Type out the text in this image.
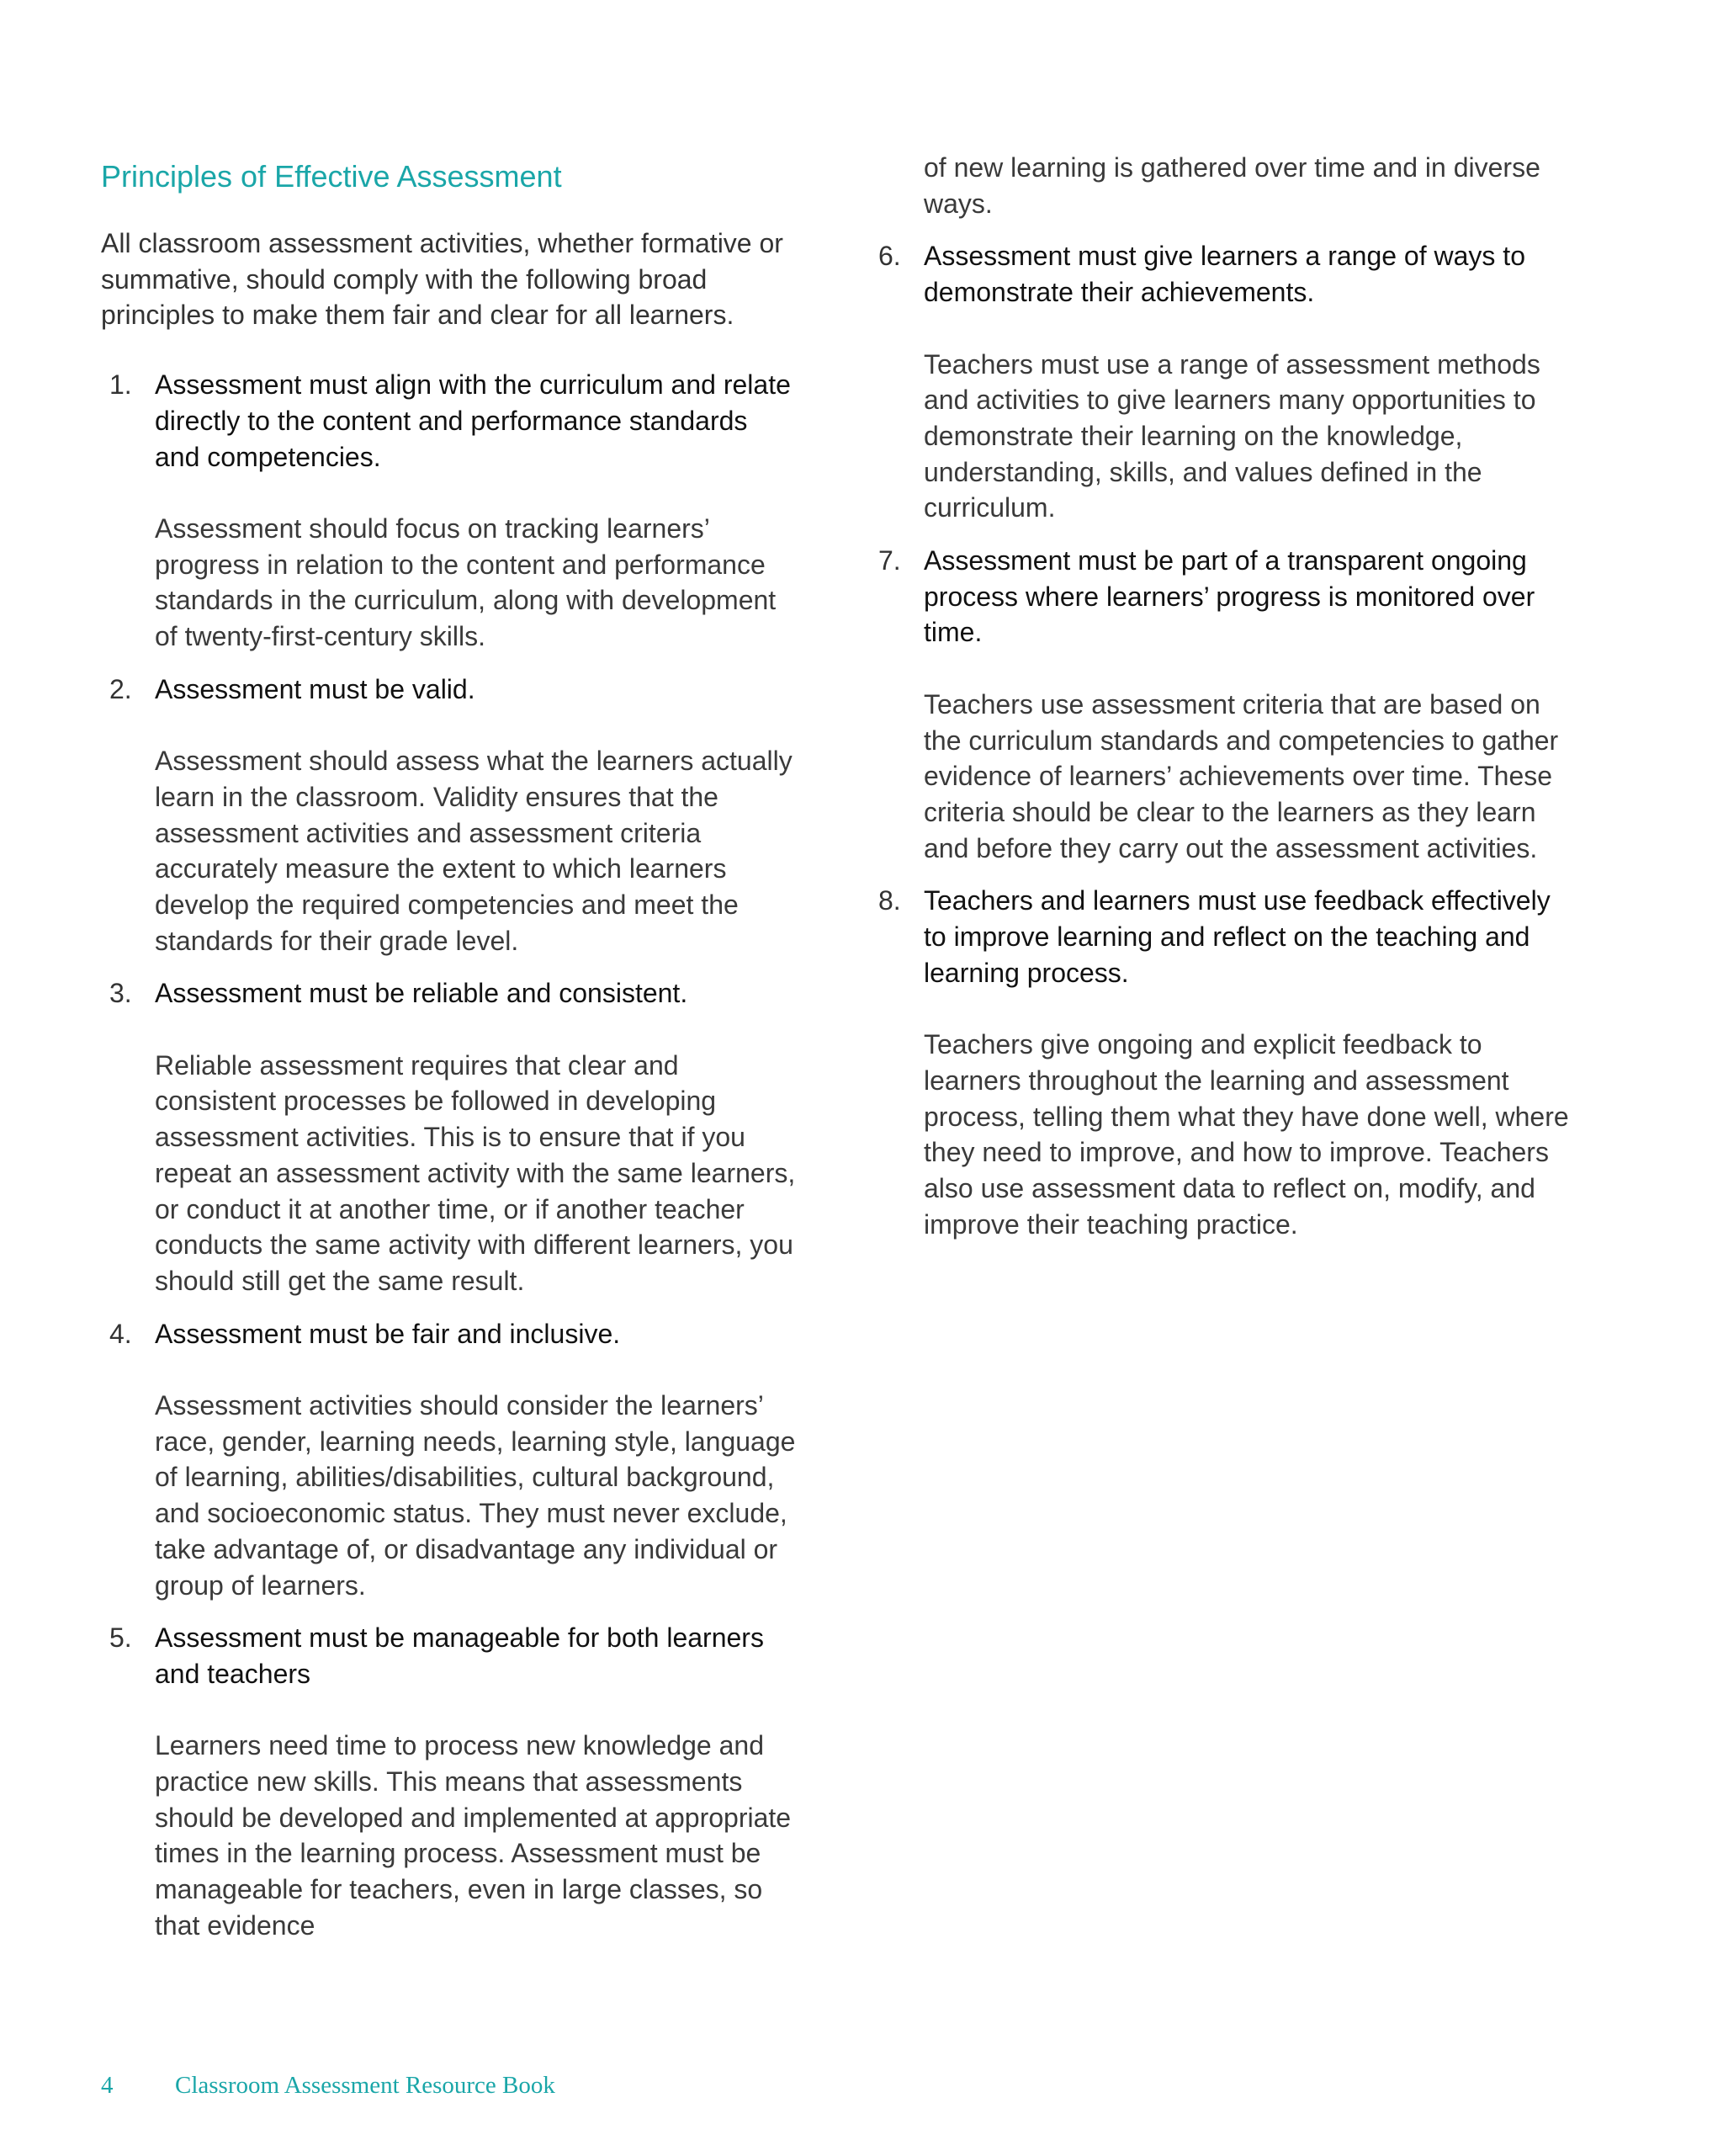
Principles of Effective Assessment

All classroom assessment activities, whether formative or summative, should comply with the following broad principles to make them fair and clear for all learners.

1. Assessment must align with the curriculum and relate directly to the content and performance standards and competencies.

Assessment should focus on tracking learners’ progress in relation to the content and performance standards in the curriculum, along with development of twenty-first-century skills.

2. Assessment must be valid.

Assessment should assess what the learners actually learn in the classroom. Validity ensures that the assessment activities and assessment criteria accurately measure the extent to which learners develop the required competencies and meet the standards for their grade level.

3. Assessment must be reliable and consistent.

Reliable assessment requires that clear and consistent processes be followed in developing assessment activities. This is to ensure that if you repeat an assessment activity with the same learners, or conduct it at another time, or if another teacher conducts the same activity with different learners, you should still get the same result.

4. Assessment must be fair and inclusive.

Assessment activities should consider the learners’ race, gender, learning needs, learning style, language of learning, abilities/disabilities, cultural background, and socioeconomic status. They must never exclude, take advantage of, or disadvantage any individual or group of learners.

5. Assessment must be manageable for both learners and teachers

Learners need time to process new knowledge and practice new skills. This means that assessments should be developed and implemented at appropriate times in the learning process. Assessment must be manageable for teachers, even in large classes, so that evidence

of new learning is gathered over time and in diverse ways.

6. Assessment must give learners a range of ways to demonstrate their achievements.

Teachers must use a range of assessment methods and activities to give learners many opportunities to demonstrate their learning on the knowledge, understanding, skills, and values defined in the curriculum.

7. Assessment must be part of a transparent ongoing process where learners’ progress is monitored over time.

Teachers use assessment criteria that are based on the curriculum standards and competencies to gather evidence of learners’ achievements over time. These criteria should be clear to the learners as they learn and before they carry out the assessment activities.

8. Teachers and learners must use feedback effectively to improve learning and reflect on the teaching and learning process.

Teachers give ongoing and explicit feedback to learners throughout the learning and assessment process, telling them what they have done well, where they need to improve, and how to improve. Teachers also use assessment data to reflect on, modify, and improve their teaching practice.

4	Classroom Assessment Resource Book
